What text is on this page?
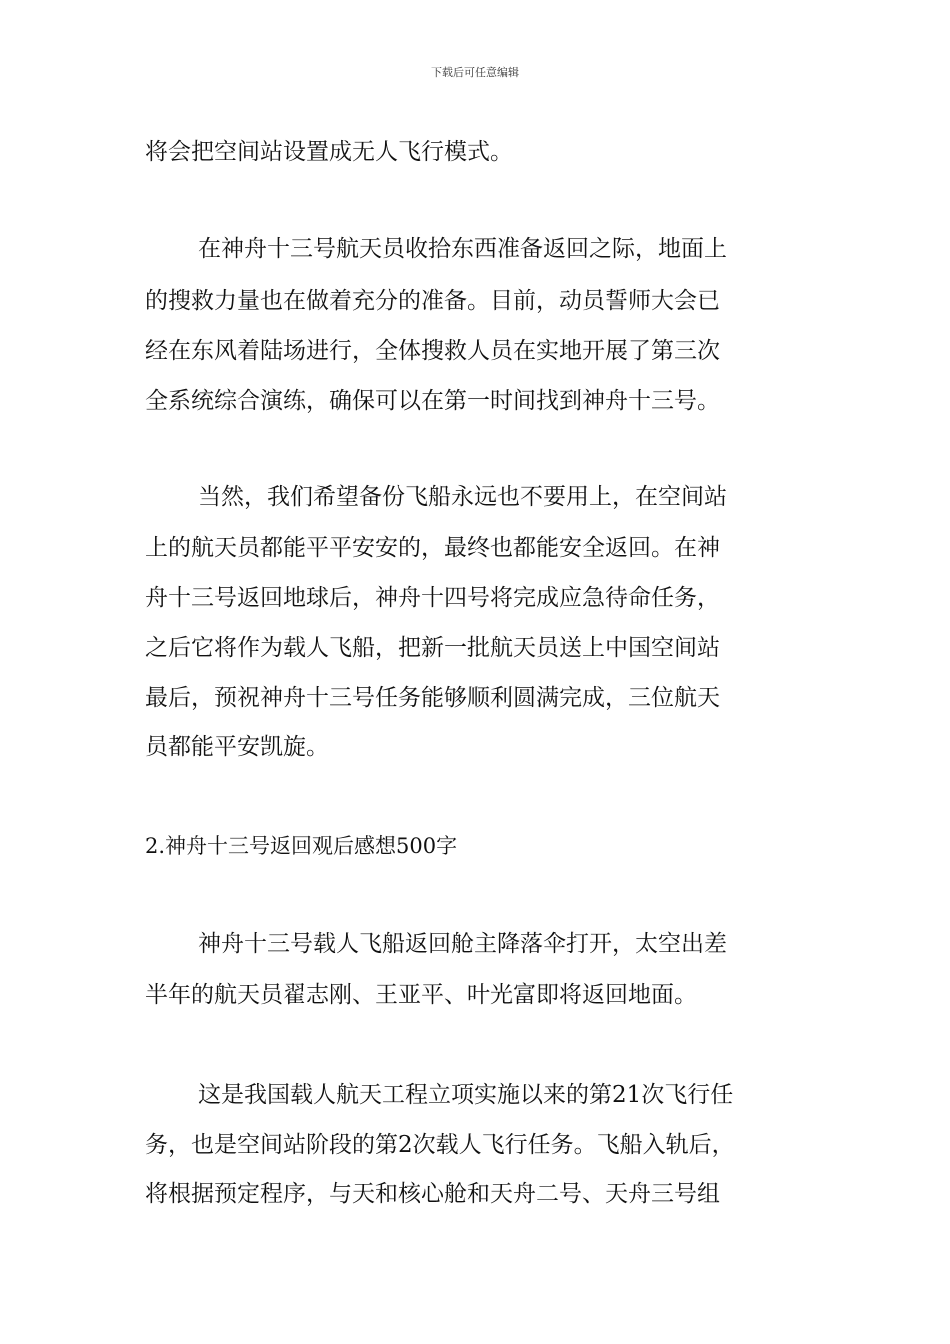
下载后可任意编辑
将会把空间站设置成无人飞行模式。
在神舟十三号航天员收拾东西准备返回之际，地面上
的搜救力量也在做着充分的准备。目前，动员誓师大会已
经在东风着陆场进行，全体搜救人员在实地开展了第三次
全系统综合演练，确保可以在第一时间找到神舟十三号。
当然，我们希望备份飞船永远也不要用上，在空间站
上的航天员都能平平安安的，最终也都能安全返回。在神
舟十三号返回地球后，神舟十四号将完成应急待命任务，
之后它将作为载人飞船，把新一批航天员送上中国空间站
最后，预祝神舟十三号任务能够顺利圆满完成，三位航天
员都能平安凯旋。
2.神舟十三号返回观后感想500字
神舟十三号载人飞船返回舱主降落伞打开，太空出差
半年的航天员翟志刚、王亚平、叶光富即将返回地面。
这是我国载人航天工程立项实施以来的第21次飞行任
务，也是空间站阶段的第2次载人飞行任务。飞船入轨后，
将根据预定程序，与天和核心舱和天舟二号、天舟三号组
